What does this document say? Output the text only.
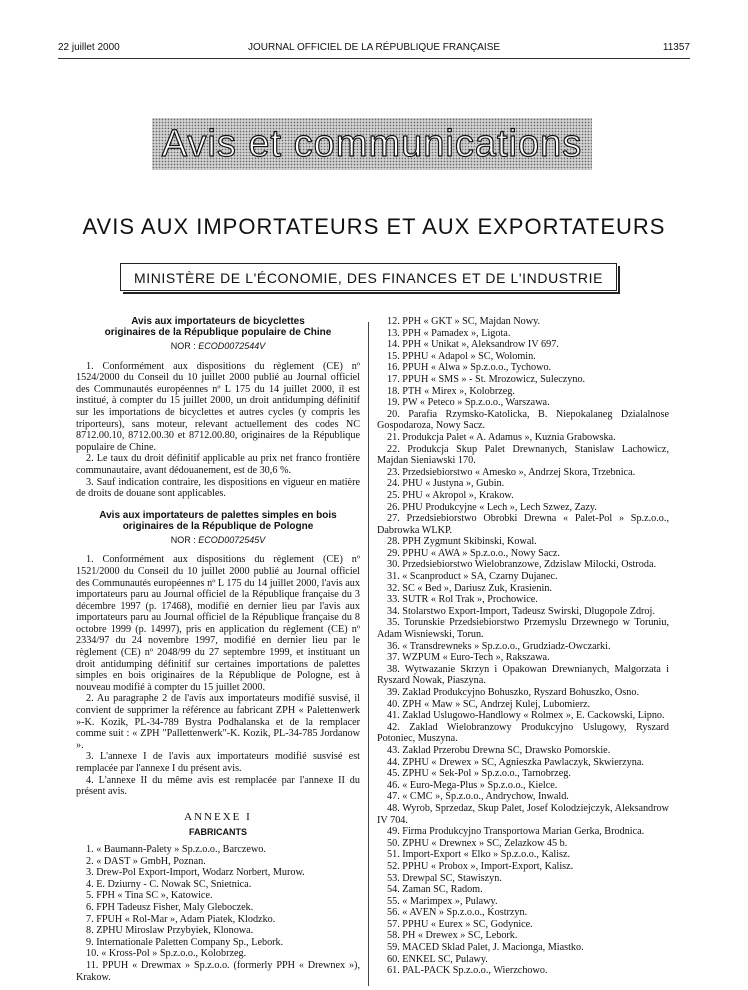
22 juillet 2000	JOURNAL OFFICIEL DE LA RÉPUBLIQUE FRANÇAISE	11357
Avis et communications
AVIS AUX IMPORTATEURS ET AUX EXPORTATEURS
MINISTÈRE DE L'ÉCONOMIE, DES FINANCES ET DE L'INDUSTRIE
Avis aux importateurs de bicyclettes
originaires de la République populaire de Chine
NOR : ECOD0072544V

1. Conformément aux dispositions du règlement (CE) nº 1524/2000 du Conseil du 10 juillet 2000 publié au Journal officiel des Communautés européennes nº L 175 du 14 juillet 2000, il est institué, à compter du 15 juillet 2000, un droit antidumping définitif sur les importations de bicyclettes et autres cycles (y compris les triporteurs), sans moteur, relevant actuellement des codes NC 8712.00.10, 8712.00.30 et 8712.00.80, originaires de la République populaire de Chine.

2. Le taux du droit définitif applicable au prix net franco frontière communautaire, avant dédouanement, est de 30,6 %.

3. Sauf indication contraire, les dispositions en vigueur en matière de droits de douane sont applicables.

Avis aux importateurs de palettes simples en bois
originaires de la République de Pologne
NOR : ECOD0072545V

1. Conformément aux dispositions du règlement (CE) nº 1521/2000 du Conseil du 10 juillet 2000 publié au Journal officiel des Communautés européennes nº L 175 du 14 juillet 2000, l'avis aux importateurs paru au Journal officiel de la République française du 3 décembre 1997 (p. 17468), modifié en dernier lieu par l'avis aux importateurs paru au Journal officiel de la République française du 8 octobre 1999 (p. 14997), pris en application du règlement (CE) nº 2334/97 du 24 novembre 1997, modifié en dernier lieu par le règlement (CE) nº 2048/99 du 27 septembre 1999, et instituant un droit antidumping définitif sur certaines importations de palettes simples en bois originaires de la République de Pologne, est à nouveau modifié à compter du 15 juillet 2000.

2. Au paragraphe 2 de l'avis aux importateurs modifié susvisé, il convient de supprimer la référence au fabricant ZPH « Palettenwerk »-K. Kozik, PL-34-789 Bystra Podhalanska et de la remplacer comme suit : « ZPH "Pallettenwerk"-K. Kozik, PL-34-785 Jordanow ».

3. L'annexe I de l'avis aux importateurs modifié susvisé est remplacée par l'annexe I du présent avis.

4. L'annexe II du même avis est remplacée par l'annexe II du présent avis.

ANNEXE I
FABRICANTS

1. « Baumann-Palety » Sp.z.o.o., Barczewo.

2. « DAST » GmbH, Poznan.

3. Drew-Pol Export-Import, Wodarz Norbert, Murow.

4. E. Dziurny - C. Nowak SC, Snietnica.

5. FPH « Tina SC », Katowice.

6. FPH Tadeusz Fisher, Maly Gleboczek.

7. FPUH « Rol-Mar », Adam Piatek, Klodzko.

8. ZPHU Miroslaw Przybyiek, Klonowa.

9. Internationale Paletten Company Sp., Lebork.

10. « Kross-Pol » Sp.z.o.o., Kolobrzeg.

11. PPUH « Drewmax » Sp.z.o.o. (formerly PPH « Drewnex »), Krakow.

12. PPH « GKT » SC, Majdan Nowy.

13. PPH « Pamadex », Ligota.

14. PPH « Unikat », Aleksandrow IV 697.

15. PPHU « Adapol » SC, Wolomin.

16. PPUH « Alwa » Sp.z.o.o., Tychowo.

17. PPUH « SMS » - St. Mrozowicz, Suleczyno.

18. PTH « Mirex », Kolobrzeg.

19. PW « Peteco » Sp.z.o.o., Warszawa.

20. Parafia Rzymsko-Katolicka, B. Niepokalaneg Dzialalnose Gospodaroza, Nowy Sacz.

21. Produkcja Palet « A. Adamus », Kuznia Grabowska.

22. Produkcja Skup Palet Drewnanych, Stanislaw Lachowicz, Majdan Sieniawski 170.

23. Przedsiebiorstwo « Amesko », Andrzej Skora, Trzebnica.

24. PHU « Justyna », Gubin.

25. PHU « Akropol », Krakow.

26. PHU Produkcyjne « Lech », Lech Szwez, Zazy.

27. Przedsiebiorstwo Obrobki Drewna « Palet-Pol » Sp.z.o.o., Dabrowka WLKP.

28. PPH Zygmunt Skibinski, Kowal.

29. PPHU « AWA » Sp.z.o.o., Nowy Sacz.

30. Przedsiebiorstwo Wielobranzowe, Zdzislaw Milocki, Ostroda.

31. « Scanproduct » SA, Czarny Dujanec.

32. SC « Bed », Dariusz Zuk, Krasienin.

33. SUTR « Rol Trak », Prochowice.

34. Stolarstwo Export-Import, Tadeusz Swirski, Dlugopole Zdroj.

35. Torunskie Przedsiebiorstwo Przemyslu Drzewnego w Toruniu, Adam Wisniewski, Torun.

36. « Transdrewneks » Sp.z.o.o., Grudziadz-Owczarki.

37. WZPUM « Euro-Tech », Rakszawa.

38. Wytwazanie Skrzyn i Opakowan Drewnianych, Malgorzata i Ryszard Nowak, Piaszyna.

39. Zaklad Produkcyjno Bohuszko, Ryszard Bohuszko, Osno.

40. ZPH « Maw » SC, Andrzej Kulej, Lubomierz.

41. Zaklad Uslugowo-Handlowy « Rolmex », E. Cackowski, Lipno.

42. Zaklad Wielobranzowy Produkcyjno Uslugowy, Ryszard Potoniec, Muszyna.

43. Zaklad Przerobu Drewna SC, Drawsko Pomorskie.

44. ZPHU « Drewex » SC, Agnieszka Pawlaczyk, Skwierzyna.

45. ZPHU « Sek-Pol » Sp.z.o.o., Tarnobrzeg.

46. « Euro-Mega-Plus » Sp.z.o.o., Kielce.

47. « CMC », Sp.z.o.o., Andrychow, Inwald.

48. Wyrob, Sprzedaz, Skup Palet, Josef Kolodziejczyk, Aleksandrow IV 704.

49. Firma Produkcyjno Transportowa Marian Gerka, Brodnica.

50. ZPHU « Drewnex » SC, Zelazkow 45 b.

51. Import-Export « Elko » Sp.z.o.o., Kalisz.

52. PPHU « Probox », Import-Export, Kalisz.

53. Drewpal SC, Stawiszyn.

54. Zaman SC, Radom.

55. « Marimpex », Pulawy.

56. « AVEN » Sp.z.o.o., Kostrzyn.

57. PPHU « Eurex » SC, Godynice.

58. PH « Drewex » SC, Lebork.

59. MACED Sklad Palet, J. Macionga, Miastko.

60. ENKEL SC, Pulawy.

61. PAL-PACK Sp.z.o.o., Wierzchowo.
